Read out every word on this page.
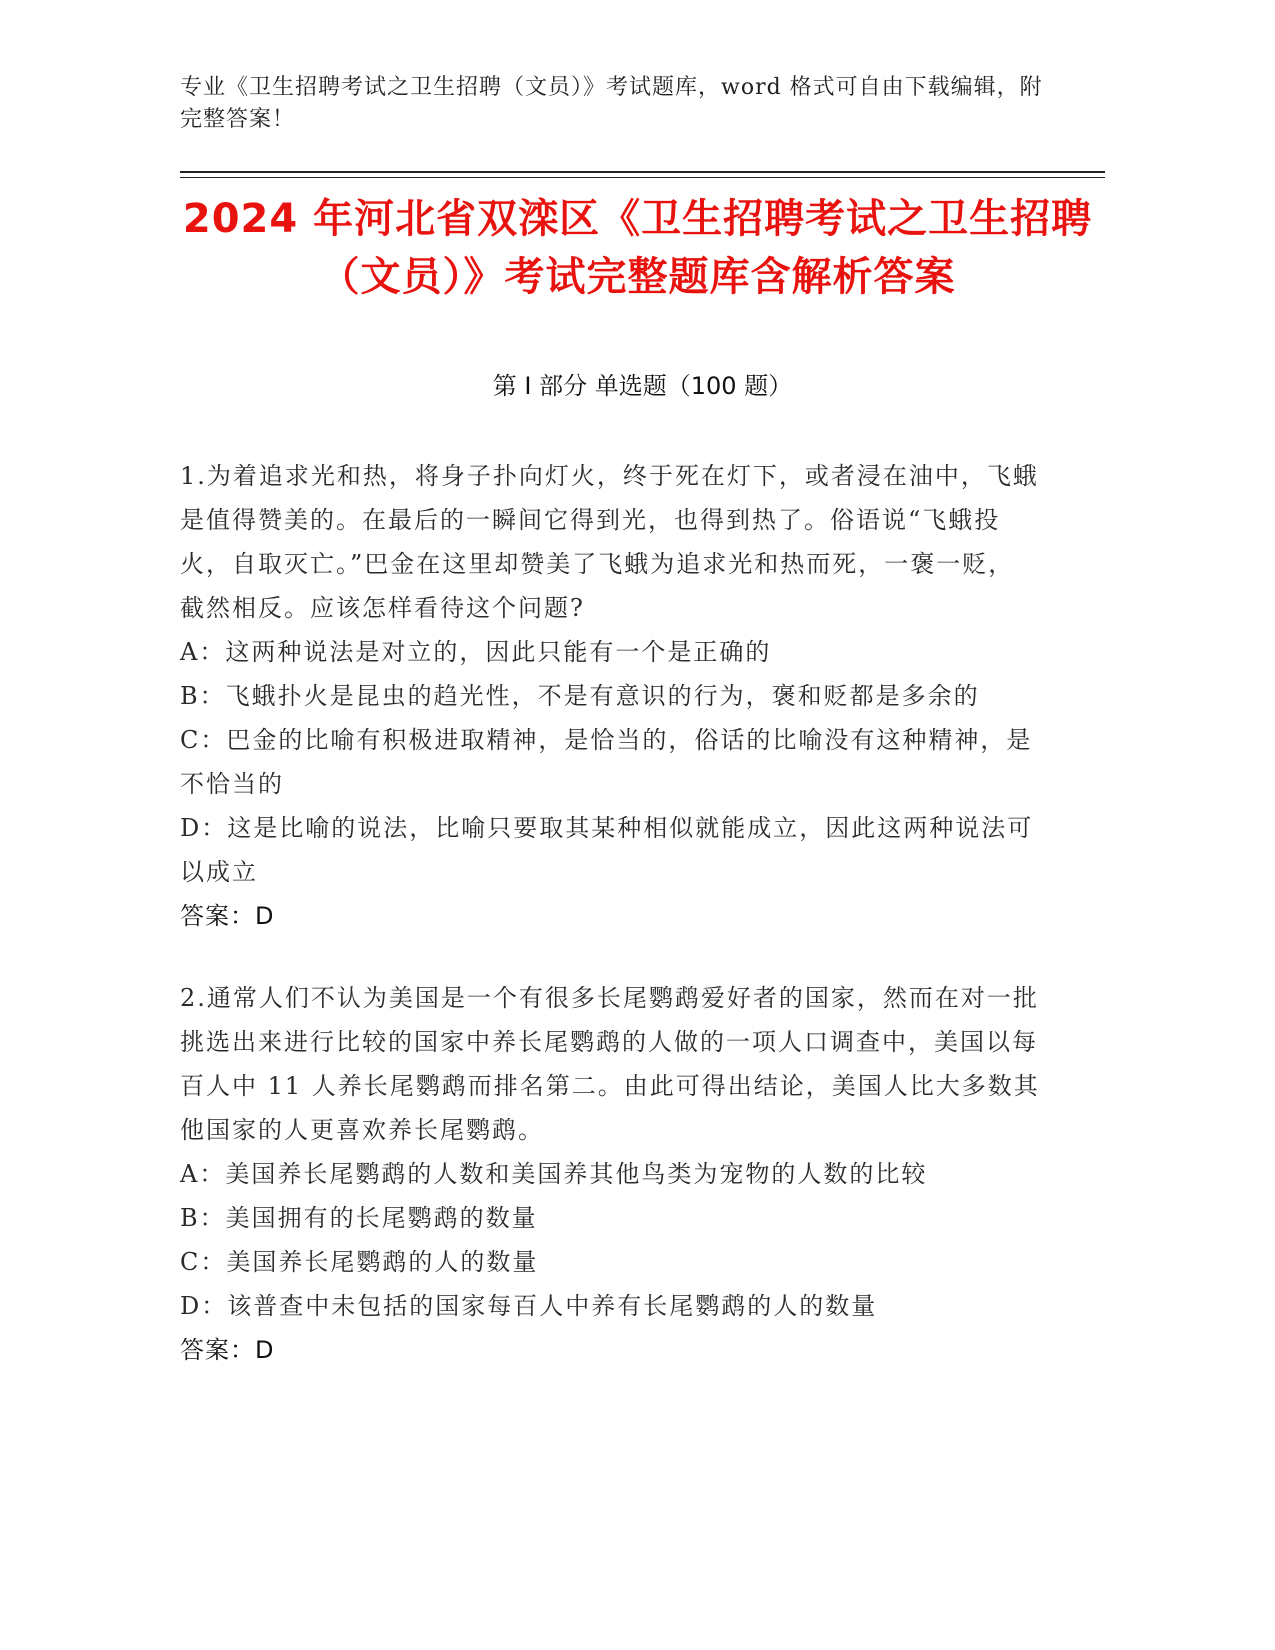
专业《卫生招聘考试之卫生招聘（文员）》考试题库，word 格式可自由下载编辑，附完整答案！
2024 年河北省双滦区《卫生招聘考试之卫生招聘（文员）》考试完整题库含解析答案
第 I 部分 单选题（100 题）

1.为着追求光和热，将身子扑向灯火，终于死在灯下，或者浸在油中，飞蛾是值得赞美的。在最后的一瞬间它得到光，也得到热了。俗语说“飞蛾投火，自取灭亡。”巴金在这里却赞美了飞蛾为追求光和热而死，一褒一贬，截然相反。应该怎样看待这个问题?

A：这两种说法是对立的，因此只能有一个是正确的

B：飞蛾扑火是昆虫的趋光性，不是有意识的行为，褒和贬都是多余的

C：巴金的比喻有积极进取精神，是恰当的，俗话的比喻没有这种精神，是不恰当的

D：这是比喻的说法，比喻只要取其某种相似就能成立，因此这两种说法可以成立

答案：D

2.通常人们不认为美国是一个有很多长尾鹦鹉爱好者的国家，然而在对一批挑选出来进行比较的国家中养长尾鹦鹉的人做的一项人口调查中，美国以每百人中 11 人养长尾鹦鹉而排名第二。由此可得出结论，美国人比大多数其他国家的人更喜欢养长尾鹦鹉。

A：美国养长尾鹦鹉的人数和美国养其他鸟类为宠物的人数的比较

B：美国拥有的长尾鹦鹉的数量

C：美国养长尾鹦鹉的人的数量

D：该普查中未包括的国家每百人中养有长尾鹦鹉的人的数量

答案：D
